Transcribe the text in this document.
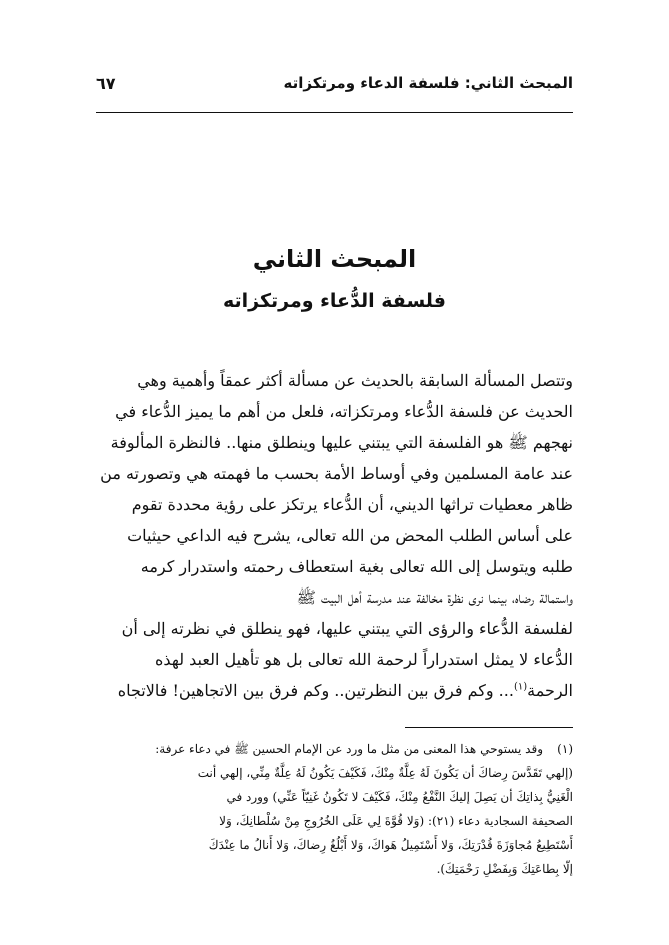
المبحث الثاني: فلسفة الدعاء ومرتكزاته
٦٧
المبحث الثاني
فلسفة الدُّعاء ومرتكزاته
وتتصل المسألة السابقة بالحديث عن مسألة أكثر عمقاً وأهمية وهي
الحديث عن فلسفة الدُّعاء ومرتكزاته، فلعل من أهم ما يميز الدُّعاء في
نهجهم ﷺ هو الفلسفة التي يبتني عليها وينطلق منها.. فالنظرة المألوفة
عند عامة المسلمين وفي أوساط الأمة بحسب ما فهمته هي وتصورته من
ظاهر معطيات تراثها الديني، أن الدُّعاء يرتكز على رؤية محددة تقوم
على أساس الطلب المحض من الله تعالى، يشرح فيه الداعي حيثيات
طلبه ويتوسل إلى الله تعالى بغية استعطاف رحمته واستدرار كرمه
واستمالة رضاه، بينما نرى نظرة مخالفة عند مدرسة أهل البيت ﷺ
لفلسفة الدُّعاء والرؤى التي يبتني عليها، فهو ينطلق في نظرته إلى أن
الدُّعاء لا يمثل استدراراً لرحمة الله تعالى بل هو تأهيل العبد لهذه
الرحمة$^{(١)}$... وكم فرق بين النظرتين.. وكم فرق بين الاتجاهين! فالاتجاه
(١)وقد يستوحي هذا المعنى من مثل ما ورد عن الإمام الحسين ﷺ في دعاء عرفة:
(إلهي تَقَدَّسَ رِضاكَ أن يَكُونَ لَهُ عِلَّةٌ مِنْكَ، فَكَيْفَ يَكُونُ لَهُ عِلَّةٌ مِنِّي، إلهي أنت
الْغَنِيُّ بِذاتِكَ أن يَصِلَ إليكَ النَّفْعُ مِنْكَ، فَكَيْفَ لا تَكُونُ غَنِيّاً عَنِّي) وورد في
الصحيفة السجادية دعاء (٢١): (وَلا قُوَّةَ لِي عَلَى الخُرُوجِ مِنْ سُلْطانِكَ، وَلا
أَسْتَطِيعُ مُجاوَزَةَ قُدْرَتِكَ، وَلا أَسْتَمِيلُ هَواكَ، وَلا أَبْلُغُ رِضاكَ، وَلا أَنالُ ما عِنْدَكَ
إلّا بِطاعَتِكَ وَبِفَضْلِ رَحْمَتِكَ).
